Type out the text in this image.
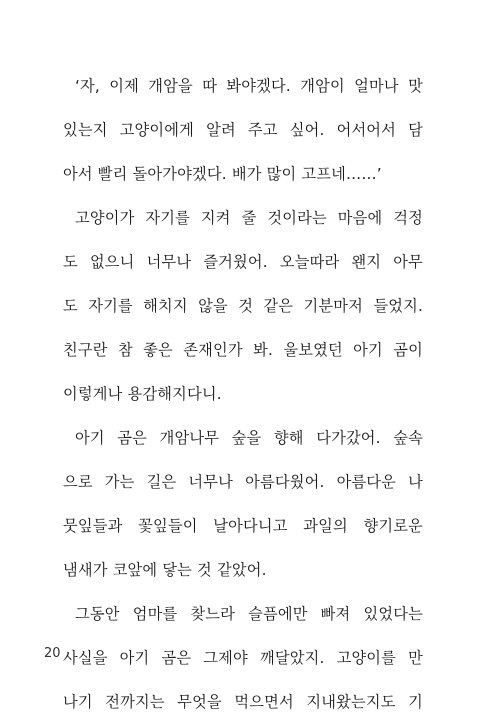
‘자, 이제 개암을 따 봐야겠다. 개암이 얼마나 맛
있는지 고양이에게 알려 주고 싶어. 어서어서 담
아서 빨리 돌아가야겠다. 배가 많이 고프네……’
고양이가 자기를 지켜 줄 것이라는 마음에 걱정
도 없으니 너무나 즐거웠어. 오늘따라 왠지 아무
도 자기를 해치지 않을 것 같은 기분마저 들었지.
친구란 참 좋은 존재인가 봐. 울보였던 아기 곰이
이렇게나 용감해지다니.
아기 곰은 개암나무 숲을 향해 다가갔어. 숲속
으로 가는 길은 너무나 아름다웠어. 아름다운 나
뭇잎들과 꽃잎들이 날아다니고 과일의 향기로운
냄새가 코앞에 닿는 것 같았어.
그동안 엄마를 찾느라 슬픔에만 빠져 있었다는
사실을 아기 곰은 그제야 깨달았지. 고양이를 만
나기 전까지는 무엇을 먹으면서 지내왔는지도 기
20
